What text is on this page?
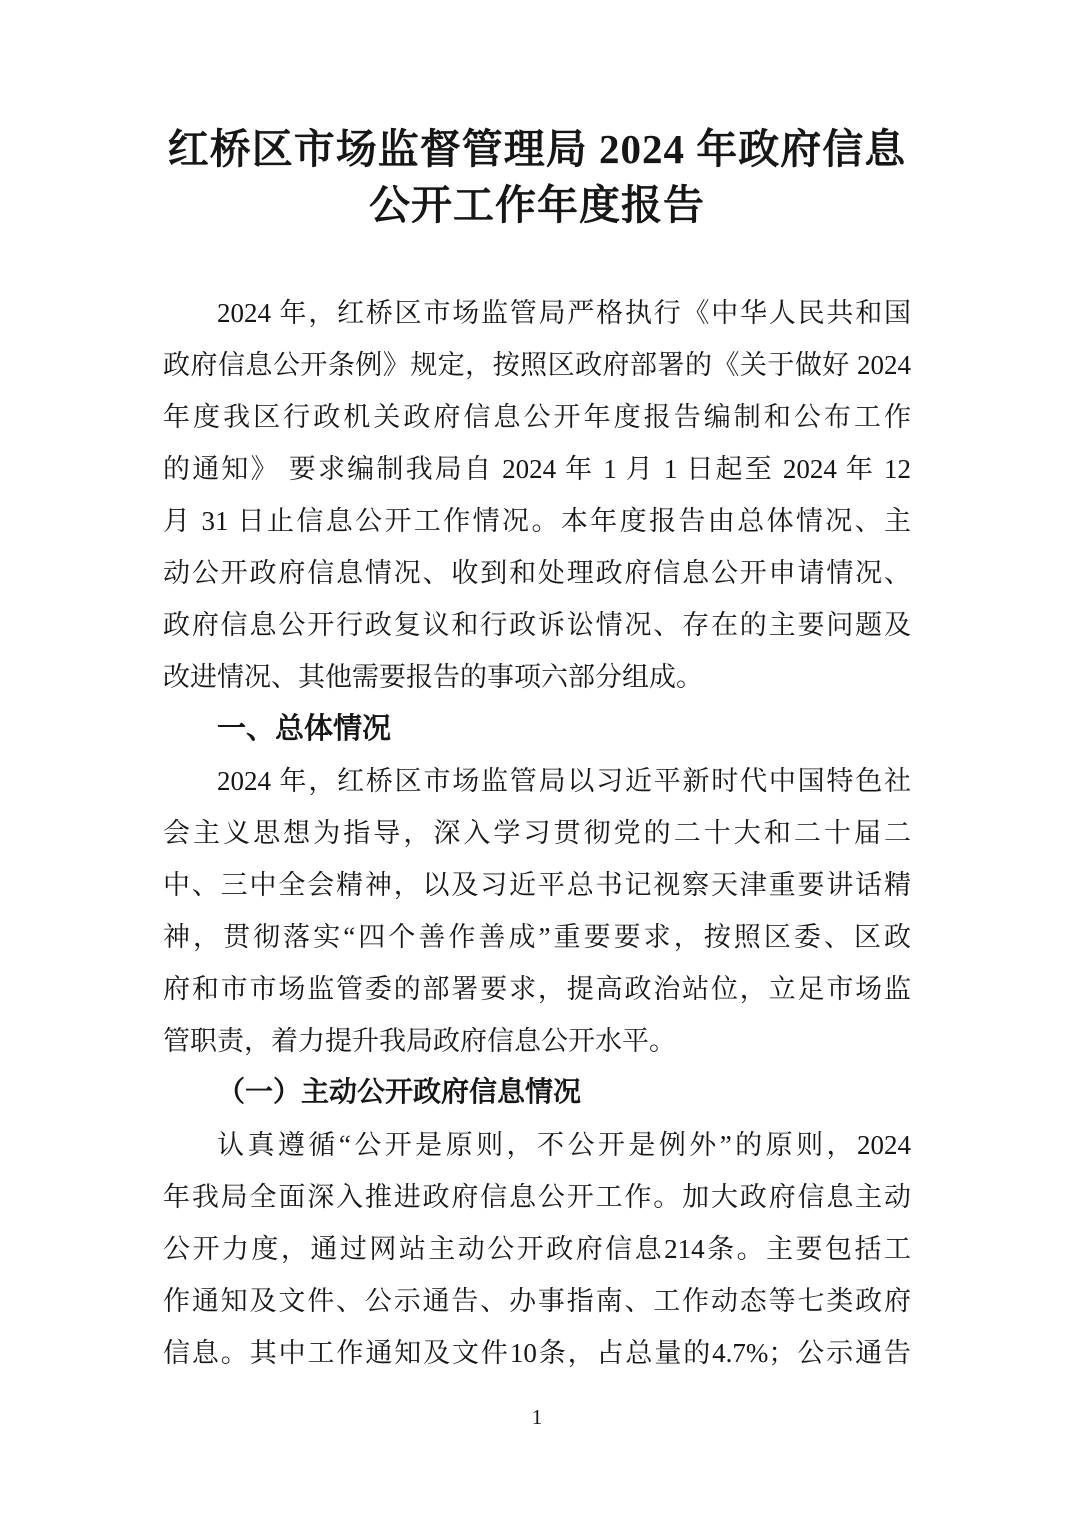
红桥区市场监督管理局 2024 年政府信息
公开工作年度报告
2024 年，红桥区市场监管局严格执行《中华人民共和国
政府信息公开条例》规定，按照区政府部署的《关于做好 2024
年度我区行政机关政府信息公开年度报告编制和公布工作
的通知》 要求编制我局自 2024 年 1 月 1 日起至 2024 年 12
月 31 日止信息公开工作情况。本年度报告由总体情况、主
动公开政府信息情况、收到和处理政府信息公开申请情况、
政府信息公开行政复议和行政诉讼情况、存在的主要问题及
改进情况、其他需要报告的事项六部分组成。
一、总体情况
2024 年，红桥区市场监管局以习近平新时代中国特色社
会主义思想为指导，深入学习贯彻党的二十大和二十届二
中、三中全会精神，以及习近平总书记视察天津重要讲话精
神，贯彻落实“四个善作善成”重要要求，按照区委、区政
府和市市场监管委的部署要求，提高政治站位，立足市场监
管职责，着力提升我局政府信息公开水平。
（一）主动公开政府信息情况
认真遵循“公开是原则，不公开是例外”的原则，2024
年我局全面深入推进政府信息公开工作。加大政府信息主动
公开力度，通过网站主动公开政府信息214条。主要包括工
作通知及文件、公示通告、办事指南、工作动态等七类政府
信息。其中工作通知及文件10条，占总量的4.7%；公示通告
1
